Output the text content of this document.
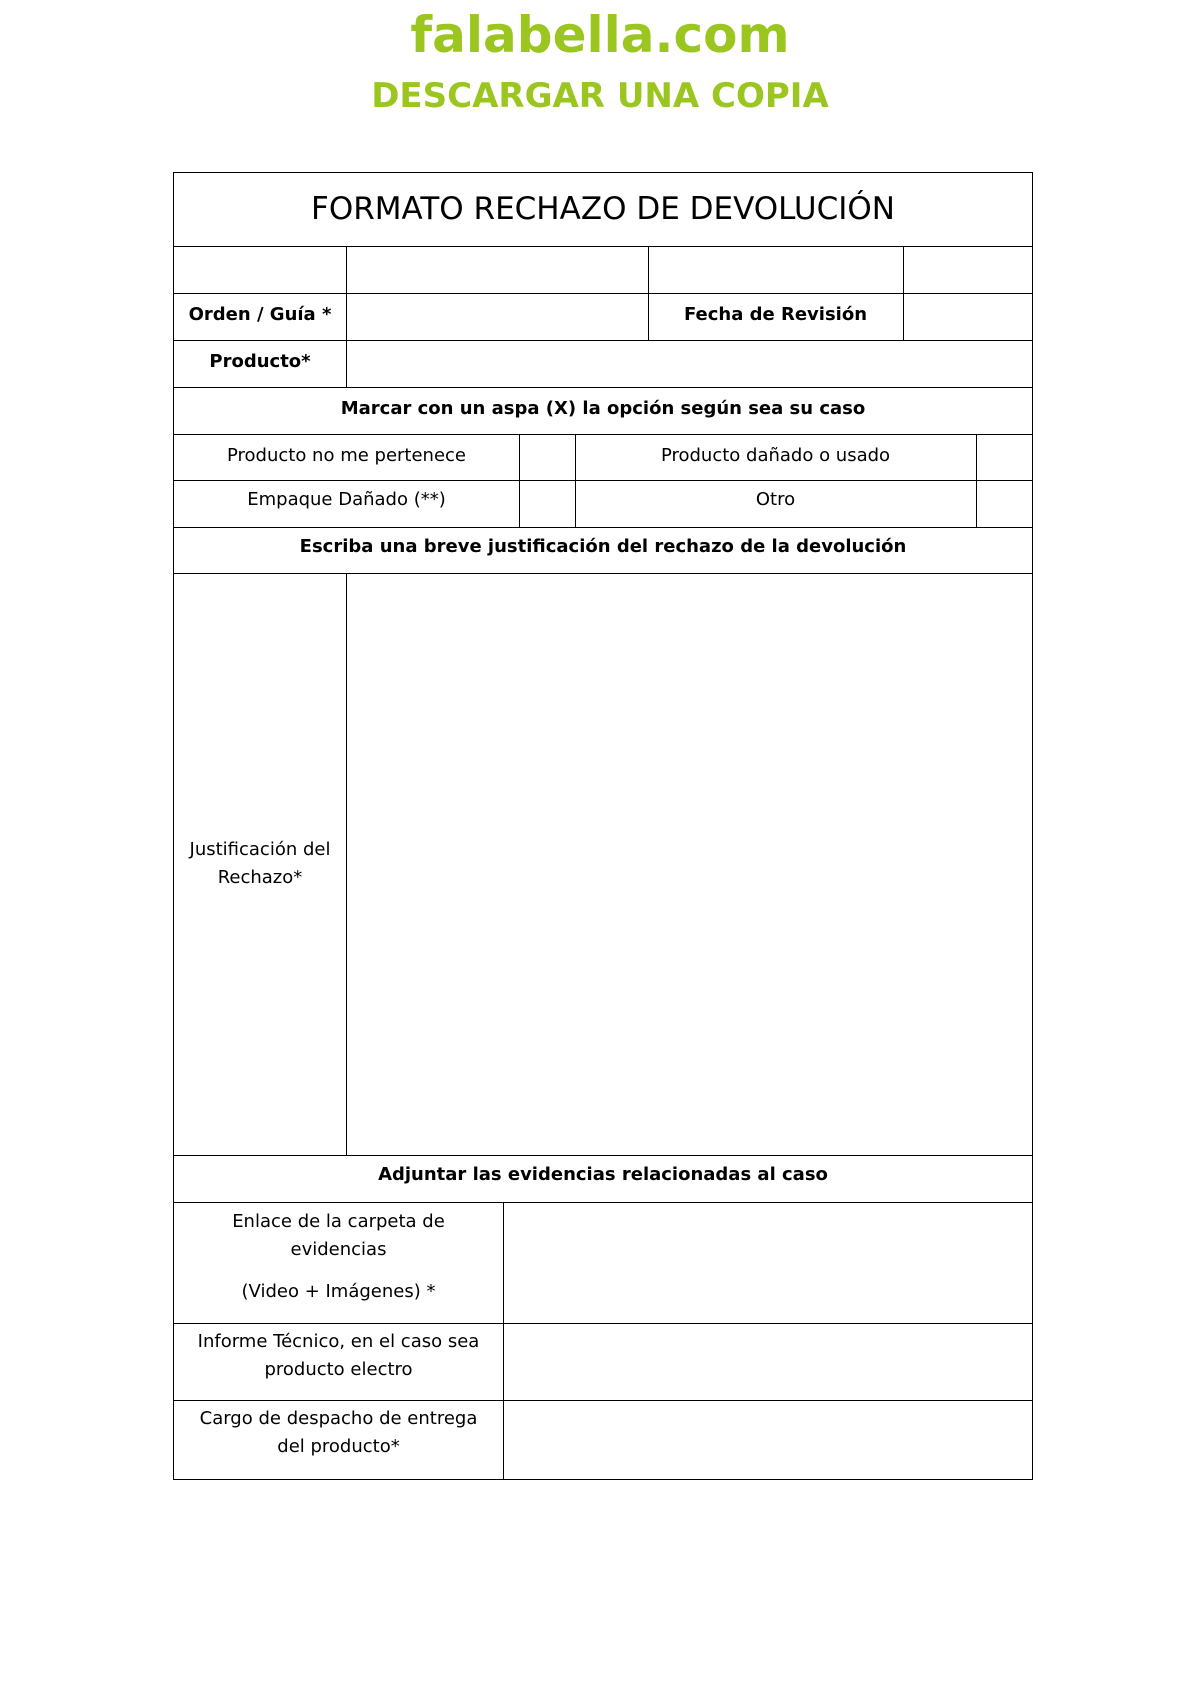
falabella.com
DESCARGAR UNA COPIA
FORMATO RECHAZO DE DEVOLUCIÓN
Orden / Guía *	Fecha de Revisión
Producto*
Marcar con un aspa (X) la opción según sea su caso
Producto no me pertenece	Producto dañado o usado
Empaque Dañado (**)	Otro
Escriba una breve justificación del rechazo de la devolución
Justificación del
Rechazo*
Adjuntar las evidencias relacionadas al caso
Enlace de la carpeta de
evidencias
(Video + Imágenes) *
Informe Técnico, en el caso sea
producto electro
Cargo de despacho de entrega
del producto*
